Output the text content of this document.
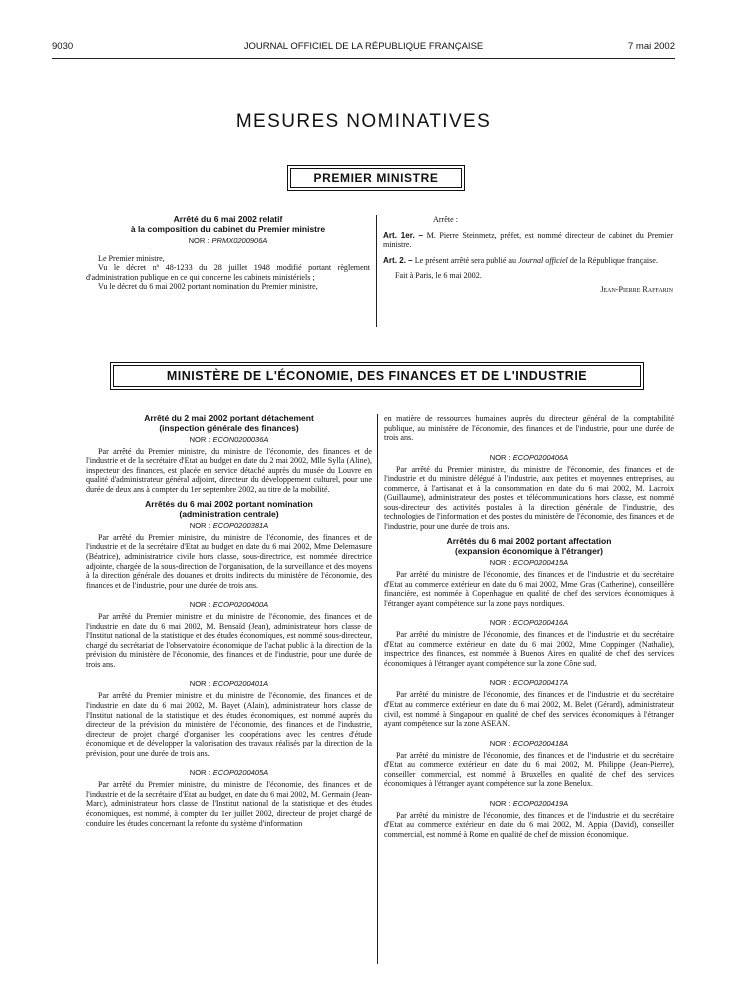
9030	JOURNAL OFFICIEL DE LA RÉPUBLIQUE FRANÇAISE	7 mai 2002
MESURES NOMINATIVES
PREMIER MINISTRE
Arrêté du 6 mai 2002 relatif
à la composition du cabinet du Premier ministre
NOR : PRMX0200906A

Le Premier ministre,

Vu le décret nº 48-1233 du 28 juillet 1948 modifié portant règlement d'administration publique en ce qui concerne les cabinets ministériels ;

Vu le décret du 6 mai 2002 portant nomination du Premier ministre,

Arrête :

Art. 1er. – M. Pierre Steinmetz, préfet, est nommé directeur de cabinet du Premier ministre.

Art. 2. – Le présent arrêté sera publié au Journal officiel de la République française.

Fait à Paris, le 6 mai 2002.

Jean-Pierre Raffarin
MINISTÈRE DE L'ÉCONOMIE, DES FINANCES ET DE L'INDUSTRIE
Arrêté du 2 mai 2002 portant détachement
(inspection générale des finances)
NOR : ECON0200036A

Par arrêté du Premier ministre, du ministre de l'économie, des finances et de l'industrie et de la secrétaire d'Etat au budget en date du 2 mai 2002, Mlle Sylla (Aline), inspecteur des finances, est placée en service détaché auprès du musée du Louvre en qualité d'administrateur général adjoint, directeur du développement culturel, pour une durée de deux ans à compter du 1er septembre 2002, au titre de la mobilité.

Arrêtés du 6 mai 2002 portant nomination
(administration centrale)
NOR : ECOP0200381A

Par arrêté du Premier ministre, du ministre de l'économie, des finances et de l'industrie et de la secrétaire d'Etat au budget en date du 6 mai 2002, Mme Delemasure (Béatrice), administratrice civile hors classe, sous-directrice, est nommée directrice adjointe, chargée de la sous-direction de l'organisation, de la surveillance et des moyens à la direction générale des douanes et droits indirects du ministère de l'économie, des finances et de l'industrie, pour une durée de trois ans.

NOR : ECOP0200400A

Par arrêté du Premier ministre et du ministre de l'économie, des finances et de l'industrie en date du 6 mai 2002, M. Bensaïd (Jean), administrateur hors classe de l'Institut national de la statistique et des études économiques, est nommé sous-directeur, chargé du secrétariat de l'observatoire économique de l'achat public à la direction de la prévision du ministère de l'économie, des finances et de l'industrie, pour une durée de trois ans.

NOR : ECOP0200401A

Par arrêté du Premier ministre et du ministre de l'économie, des finances et de l'industrie en date du 6 mai 2002, M. Bayet (Alain), administrateur hors classe de l'Institut national de la statistique et des études économiques, est nommé auprès du directeur de la prévision du ministère de l'économie, des finances et de l'industrie, directeur de projet chargé d'organiser les coopérations avec les centres d'étude économique et de développer la valorisation des travaux réalisés par la direction de la prévision, pour une durée de trois ans.

NOR : ECOP0200405A

Par arrêté du Premier ministre, du ministre de l'économie, des finances et de l'industrie et de la secrétaire d'Etat au budget, en date du 6 mai 2002, M. Germain (Jean-Marc), administrateur hors classe de l'Institut national de la statistique et des études économiques, est nommé, à compter du 1er juillet 2002, directeur de projet chargé de conduire les études concernant la refonte du système d'information

en matière de ressources humaines auprès du directeur général de la comptabilité publique, au ministère de l'économie, des finances et de l'industrie, pour une durée de trois ans.

NOR : ECOP0200406A

Par arrêté du Premier ministre, du ministre de l'économie, des finances et de l'industrie et du ministre délégué à l'industrie, aux petites et moyennes entreprises, au commerce, à l'artisanat et à la consommation en date du 6 mai 2002, M. Lacroix (Guillaume), administrateur des postes et télécommunications hors classe, est nommé sous-directeur des activités postales à la direction générale de l'industrie, des technologies de l'information et des postes du ministère de l'économie, des finances et de l'industrie, pour une durée de trois ans.

Arrêtés du 6 mai 2002 portant affectation
(expansion économique à l'étranger)
NOR : ECOP0200415A

Par arrêté du ministre de l'économie, des finances et de l'industrie et du secrétaire d'Etat au commerce extérieur en date du 6 mai 2002, Mme Gras (Catherine), conseillère financière, est nommée à Copenhague en qualité de chef des services économiques à l'étranger ayant compétence sur la zone pays nordiques.

NOR : ECOP0200416A

Par arrêté du ministre de l'économie, des finances et de l'industrie et du secrétaire d'Etat au commerce extérieur en date du 6 mai 2002, Mme Coppinger (Nathalie), inspectrice des finances, est nommée à Buenos Aires en qualité de chef des services économiques à l'étranger ayant compétence sur la zone Cône sud.

NOR : ECOP0200417A

Par arrêté du ministre de l'économie, des finances et de l'industrie et du secrétaire d'Etat au commerce extérieur en date du 6 mai 2002, M. Belet (Gérard), administrateur civil, est nommé à Singapour en qualité de chef des services économiques à l'étranger ayant compétence sur la zone ASEAN.

NOR : ECOP0200418A

Par arrêté du ministre de l'économie, des finances et de l'industrie et du secrétaire d'Etat au commerce extérieur en date du 6 mai 2002, M. Philippe (Jean-Pierre), conseiller commercial, est nommé à Bruxelles en qualité de chef des services économiques à l'étranger ayant compétence sur la zone Benelux.

NOR : ECOP0200419A

Par arrêté du ministre de l'économie, des finances et de l'industrie et du secrétaire d'Etat au commerce extérieur en date du 6 mai 2002, M. Appia (David), conseiller commercial, est nommé à Rome en qualité de chef de mission économique.
